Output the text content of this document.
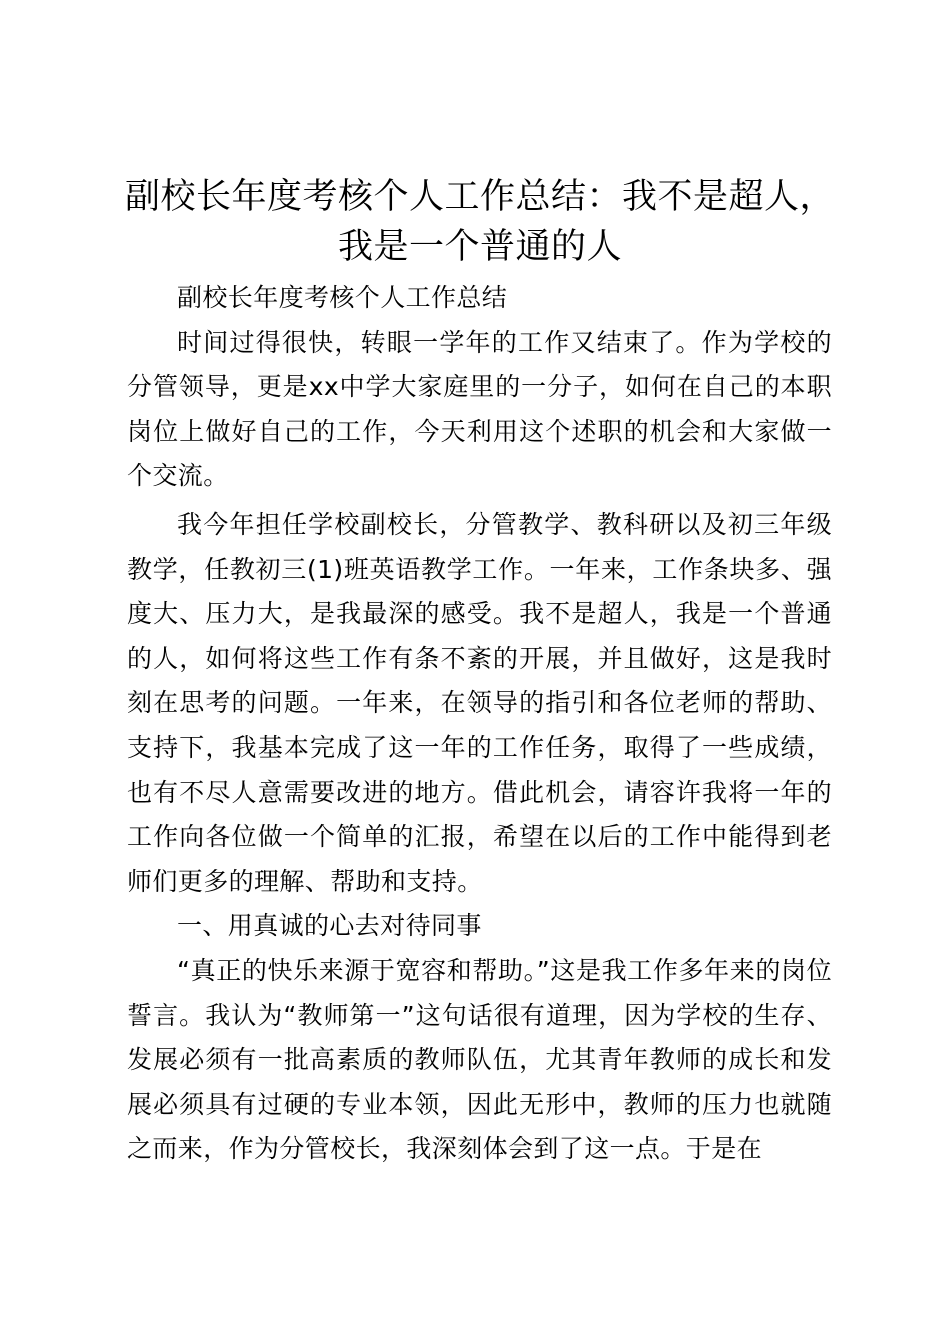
副校长年度考核个人工作总结：我不是超人，
我是一个普通的人

副校长年度考核个人工作总结

时间过得很快，转眼一学年的工作又结束了。作为学校的分管领导，更是xx中学大家庭里的一分子，如何在自己的本职岗位上做好自己的工作，今天利用这个述职的机会和大家做一个交流。

我今年担任学校副校长，分管教学、教科研以及初三年级教学，任教初三(1)班英语教学工作。一年来，工作条块多、强度大、压力大，是我最深的感受。我不是超人，我是一个普通的人，如何将这些工作有条不紊的开展，并且做好，这是我时刻在思考的问题。一年来，在领导的指引和各位老师的帮助、支持下，我基本完成了这一年的工作任务，取得了一些成绩，也有不尽人意需要改进的地方。借此机会，请容许我将一年的工作向各位做一个简单的汇报，希望在以后的工作中能得到老师们更多的理解、帮助和支持。

一、用真诚的心去对待同事

“真正的快乐来源于宽容和帮助。”这是我工作多年来的岗位誓言。我认为“教师第一”这句话很有道理，因为学校的生存、发展必须有一批高素质的教师队伍，尤其青年教师的成长和发展必须具有过硬的专业本领，因此无形中，教师的压力也就随之而来，作为分管校长，我深刻体会到了这一点。于是在
